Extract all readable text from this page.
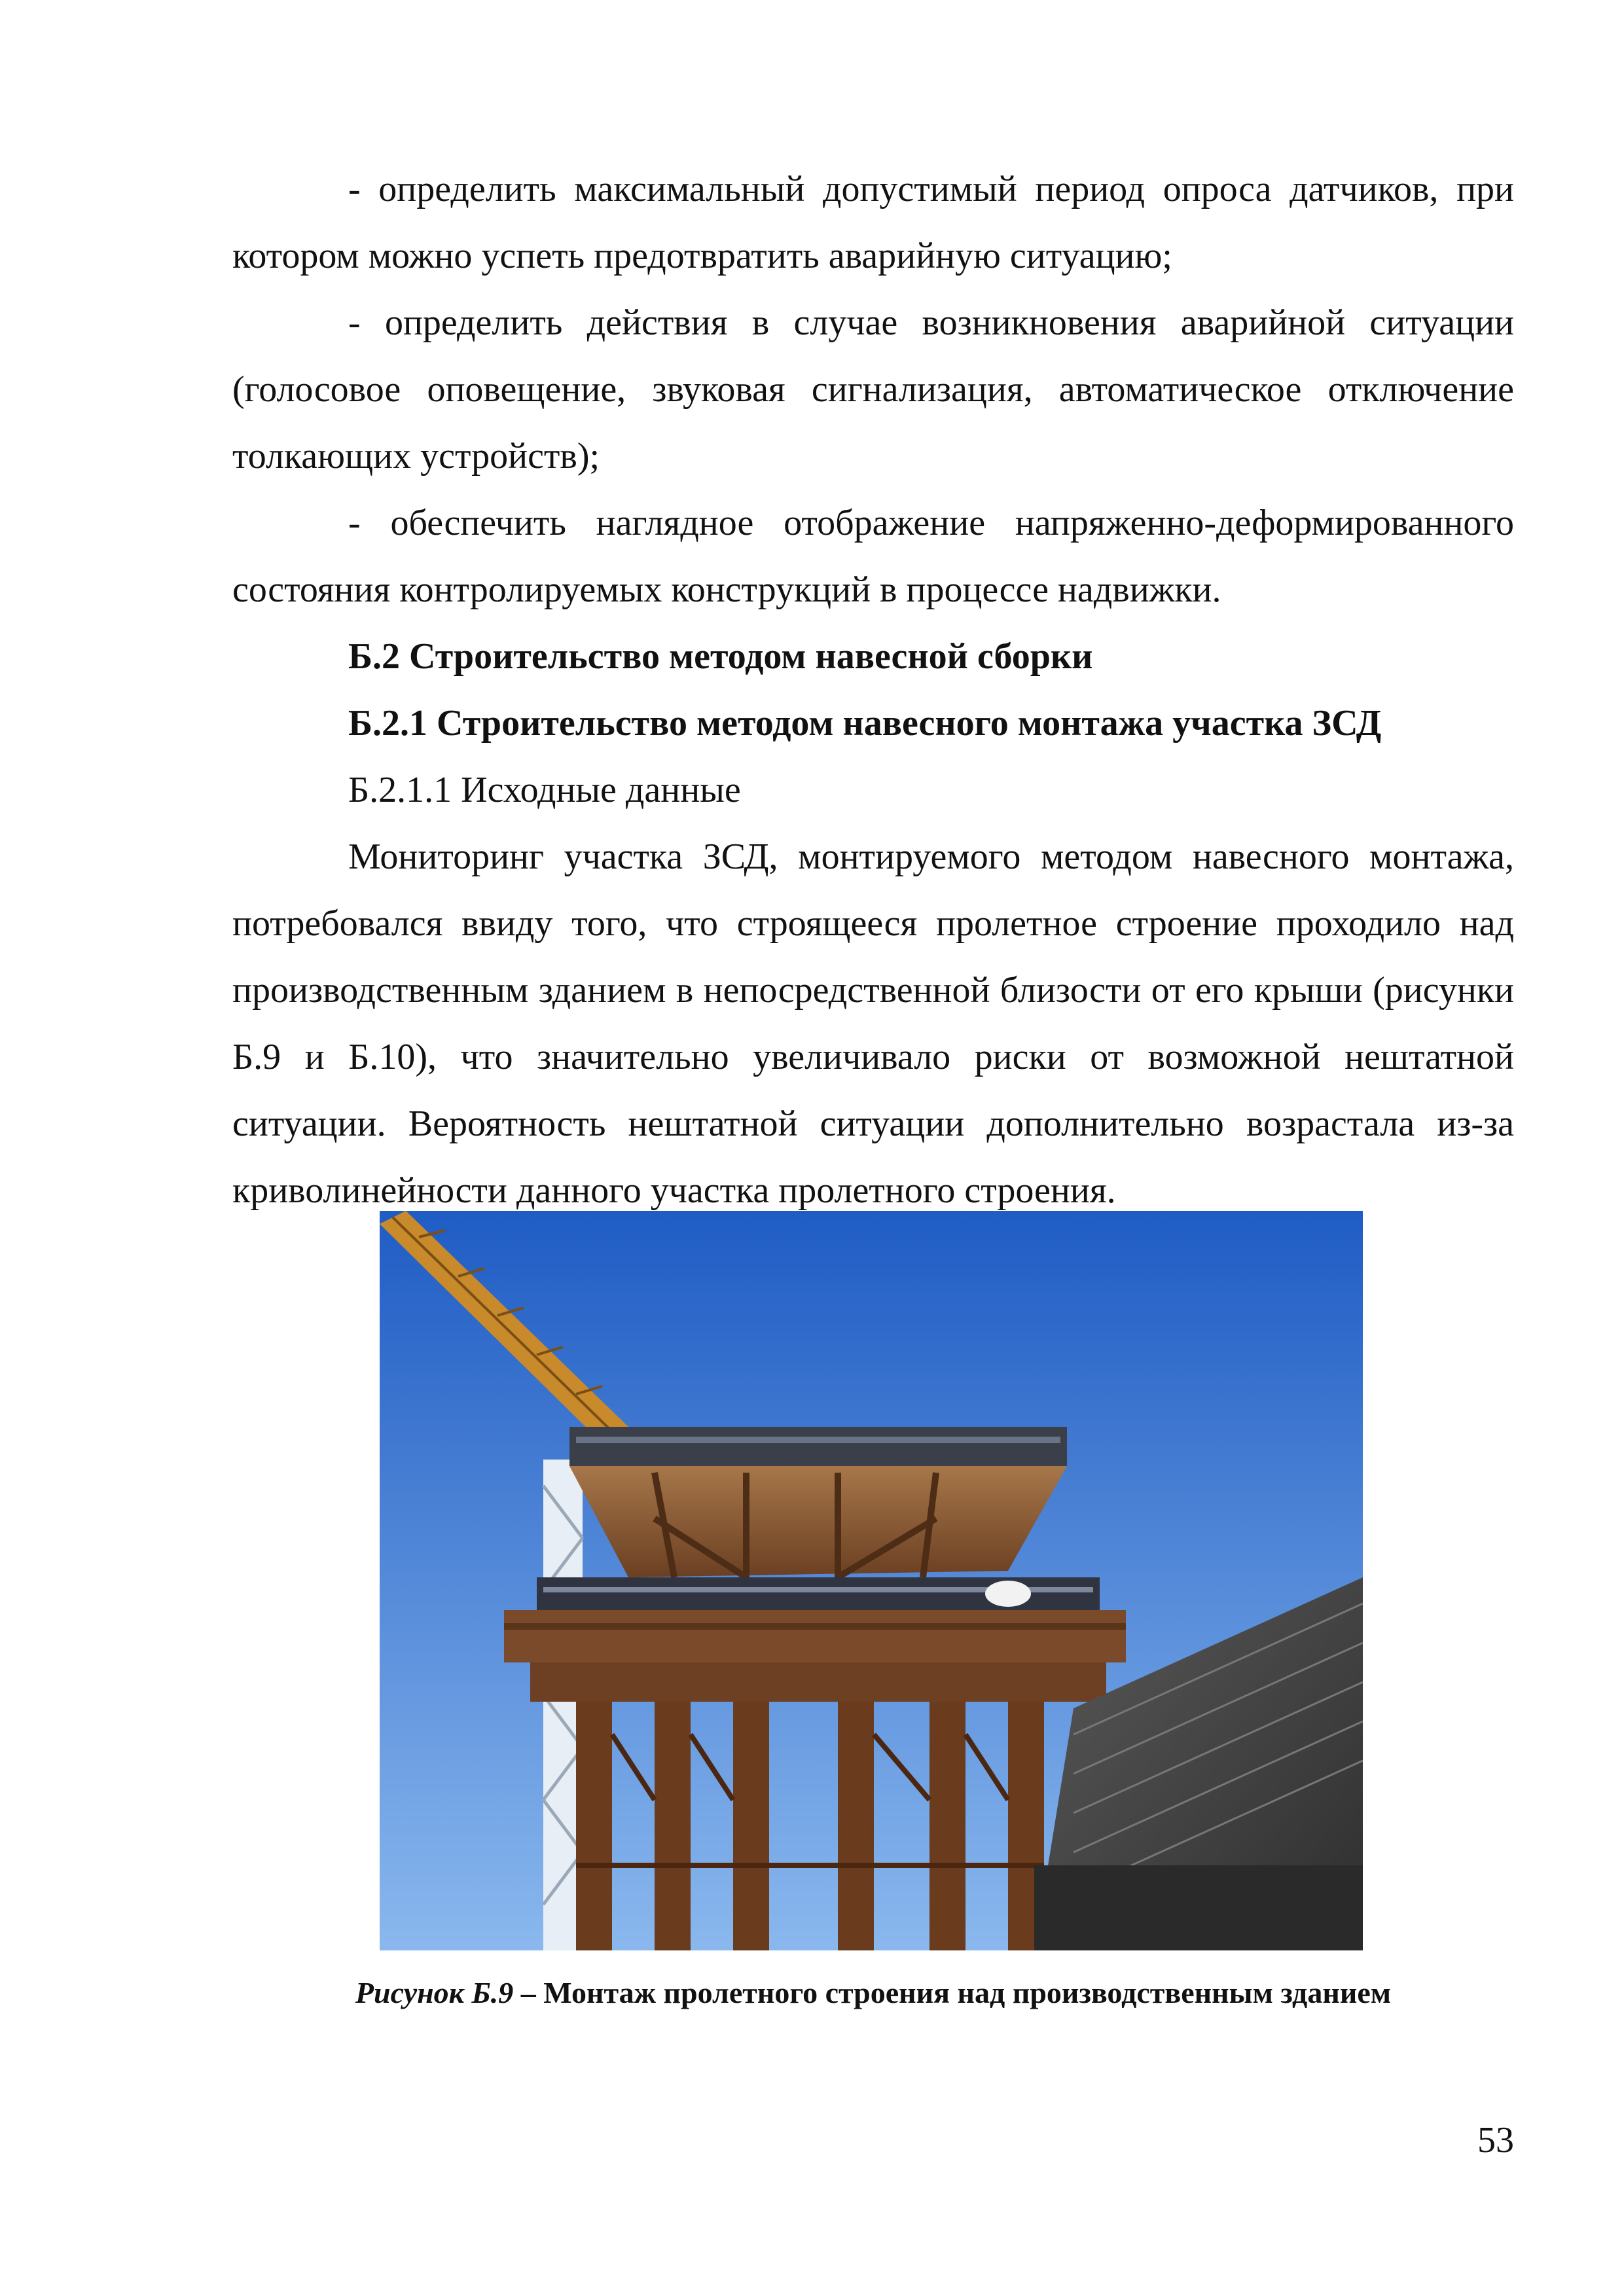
- определить максимальный допустимый период опроса датчиков, при котором можно успеть предотвратить аварийную ситуацию;

- определить действия в случае возникновения аварийной ситуации (голосовое оповещение, звуковая сигнализация, автоматическое отключение толкающих устройств);

- обеспечить наглядное отображение напряженно-деформированного состояния контролируемых конструкций в процессе надвижки.

Б.2 Строительство методом навесной сборки

Б.2.1 Строительство методом навесного монтажа участка ЗСД

Б.2.1.1 Исходные данные

Мониторинг участка ЗСД, монтируемого методом навесного монтажа, потребовался ввиду того, что строящееся пролетное строение проходило над производственным зданием в непосредственной близости от его крыши (рисунки Б.9 и Б.10), что значительно увеличивало риски от возможной нештатной ситуации. Вероятность нештатной ситуации дополнительно возрастала из-за криволинейности данного участка пролетного строения.

Рисунок Б.9 – Монтаж пролетного строения над производственным зданием
53
